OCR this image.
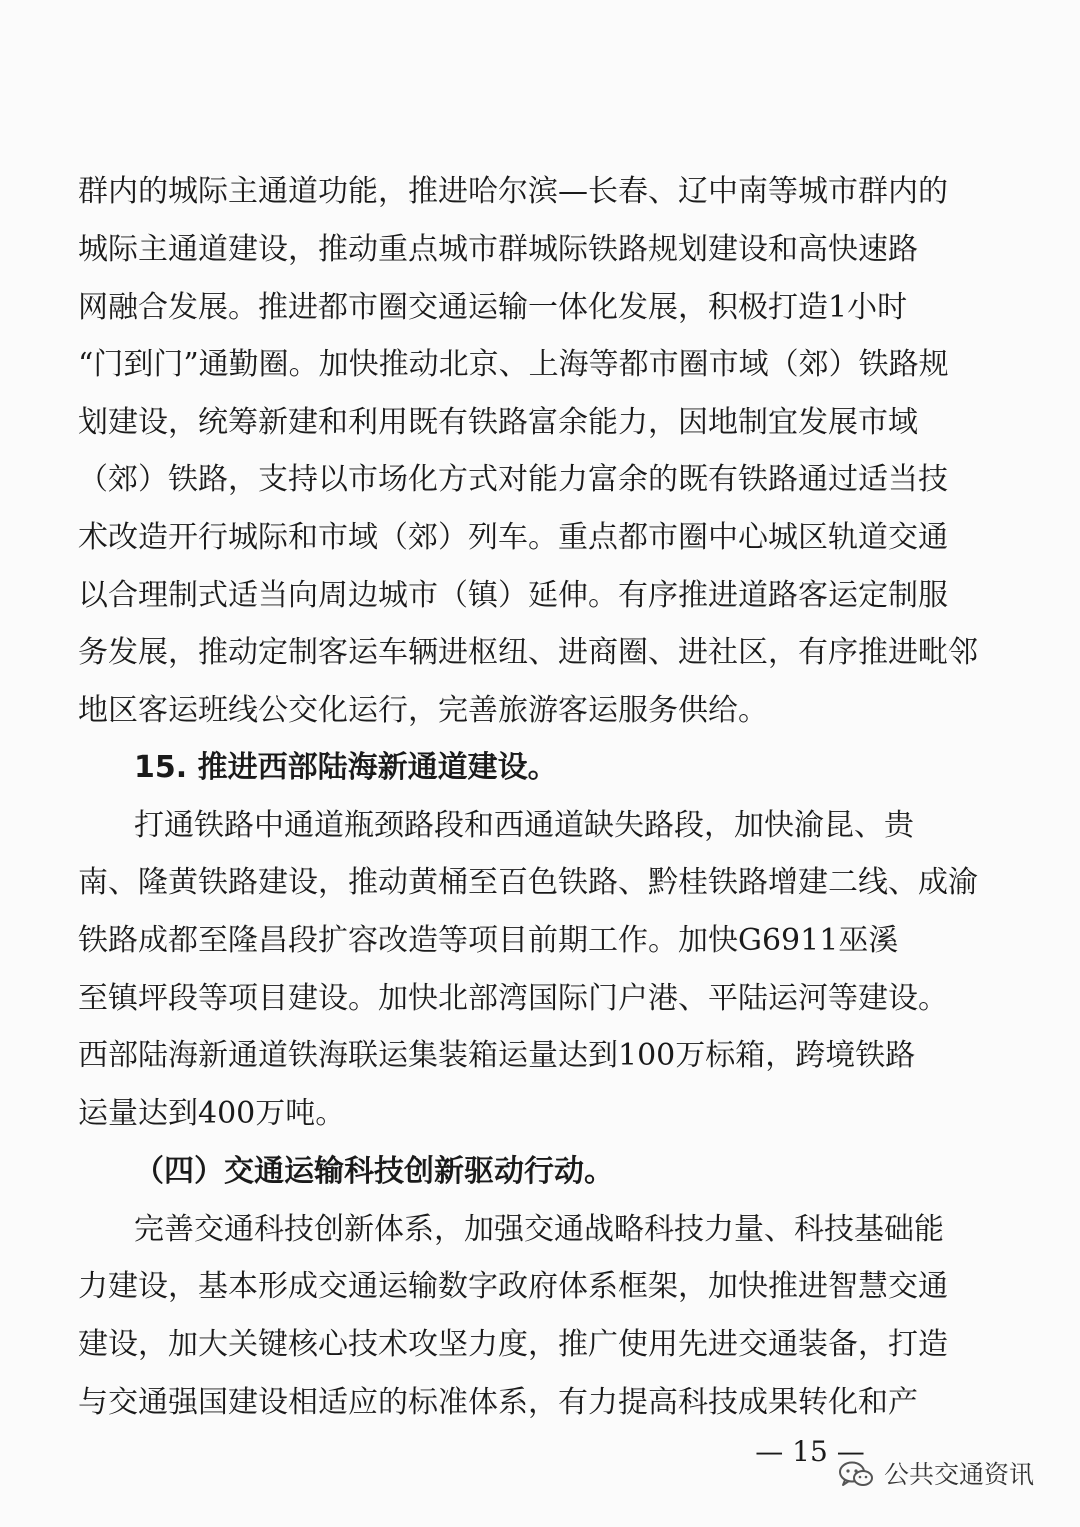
群内的城际主通道功能，推进哈尔滨—长春、辽中南等城市群内的
城际主通道建设，推动重点城市群城际铁路规划建设和高快速路
网融合发展。推进都市圈交通运输一体化发展，积极打造1小时
“门到门”通勤圈。加快推动北京、上海等都市圈市域（郊）铁路规
划建设，统筹新建和利用既有铁路富余能力，因地制宜发展市域
（郊）铁路，支持以市场化方式对能力富余的既有铁路通过适当技
术改造开行城际和市域（郊）列车。重点都市圈中心城区轨道交通
以合理制式适当向周边城市（镇）延伸。有序推进道路客运定制服
务发展，推动定制客运车辆进枢纽、进商圈、进社区，有序推进毗邻
地区客运班线公交化运行，完善旅游客运服务供给。
15. 推进西部陆海新通道建设。
打通铁路中通道瓶颈路段和西通道缺失路段，加快渝昆、贵
南、隆黄铁路建设，推动黄桶至百色铁路、黔桂铁路增建二线、成渝
铁路成都至隆昌段扩容改造等项目前期工作。加快G6911巫溪
至镇坪段等项目建设。加快北部湾国际门户港、平陆运河等建设。
西部陆海新通道铁海联运集装箱运量达到100万标箱，跨境铁路
运量达到400万吨。
（四）交通运输科技创新驱动行动。
完善交通科技创新体系，加强交通战略科技力量、科技基础能
力建设，基本形成交通运输数字政府体系框架，加快推进智慧交通
建设，加大关键核心技术攻坚力度，推广使用先进交通装备，打造
与交通强国建设相适应的标准体系，有力提高科技成果转化和产
— 15 —
公共交通资讯
